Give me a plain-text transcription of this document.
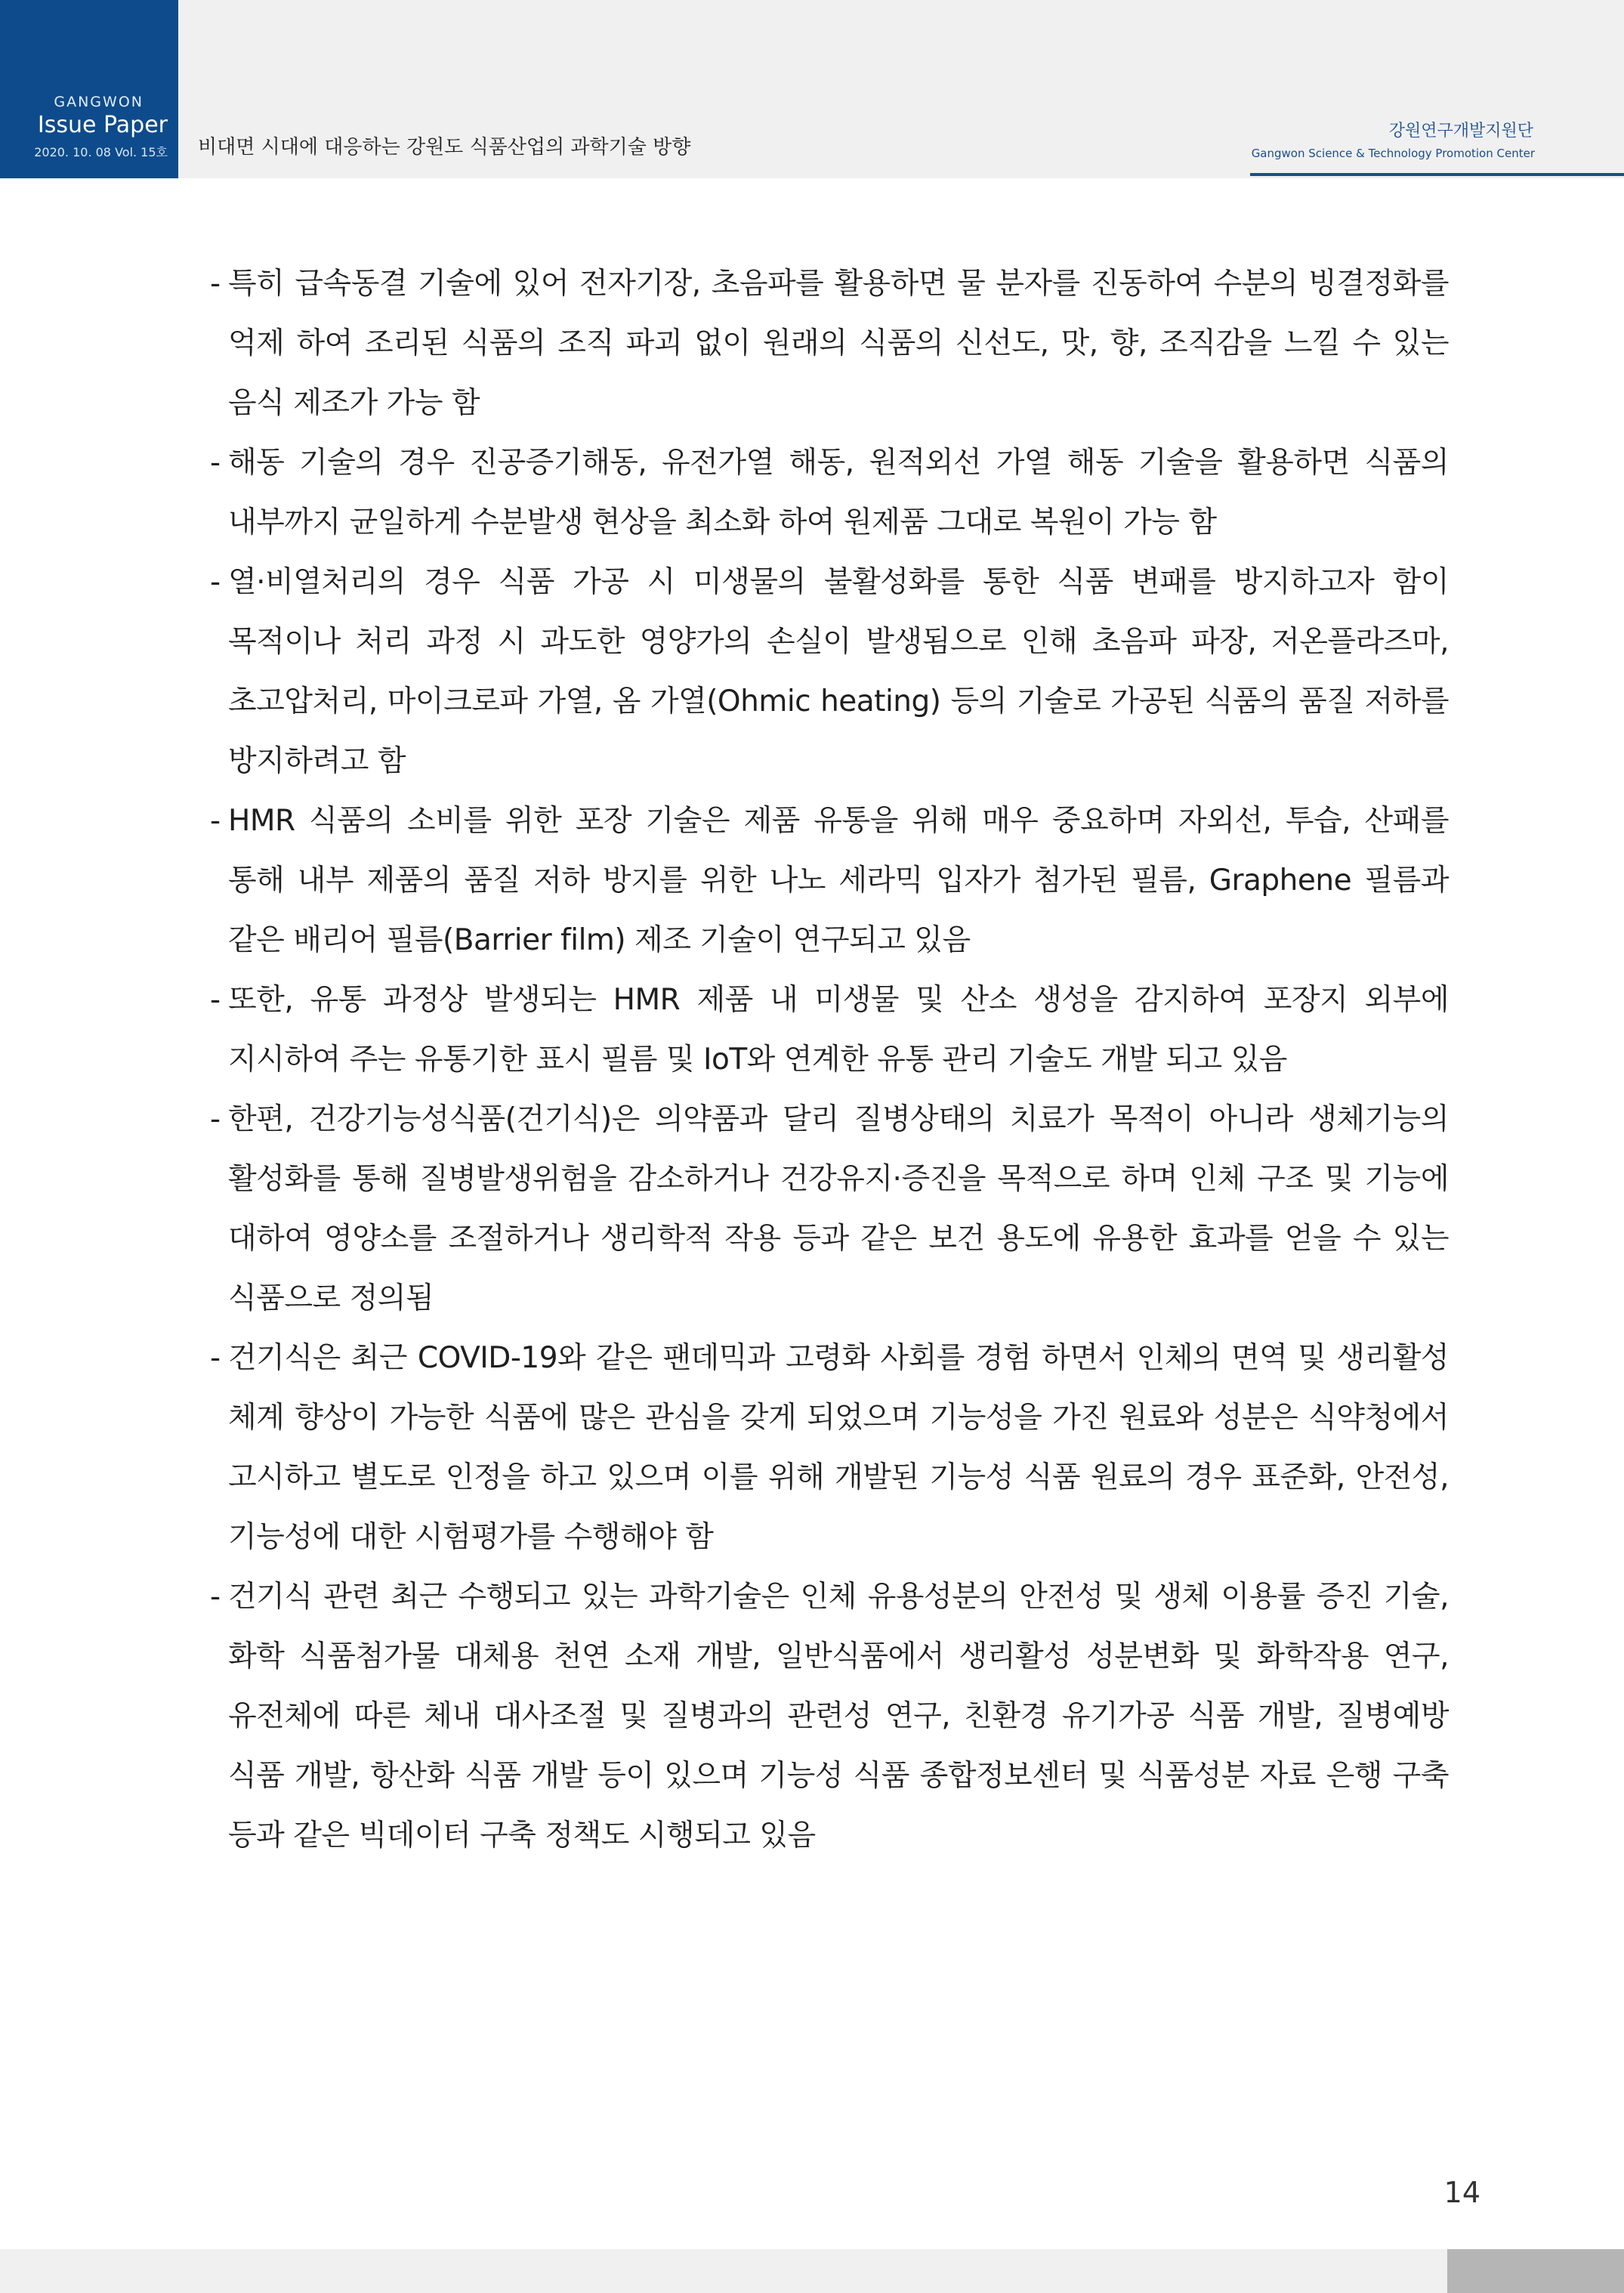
GANGWON
Issue Paper
2020. 10. 08 Vol. 15호 비대면 시대에 대응하는 강원도 식품산업의 과학기술 방향
강원연구개발지원단
Gangwon Science & Technology Promotion Center
- 특히 급속동결 기술에 있어 전자기장, 초음파를 활용하면 물 분자를 진동하여 수분의 빙결정화를 억제 하여 조리된 식품의 조직 파괴 없이 원래의 식품의 신선도, 맛, 향, 조직감을 느낄 수 있는 음식 제조가 가능 함
- 해동 기술의 경우 진공증기해동, 유전가열 해동, 원적외선 가열 해동 기술을 활용하면 식품의 내부까지 균일하게 수분발생 현상을 최소화 하여 원제품 그대로 복원이 가능 함
- 열·비열처리의 경우 식품 가공 시 미생물의 불활성화를 통한 식품 변패를 방지하고자 함이 목적이나 처리 과정 시 과도한 영양가의 손실이 발생됨으로 인해 초음파 파장, 저온플라즈마, 초고압처리, 마이크로파 가열, 옴 가열(Ohmic heating) 등의 기술로 가공된 식품의 품질 저하를 방지하려고 함
- HMR 식품의 소비를 위한 포장 기술은 제품 유통을 위해 매우 중요하며 자외선, 투습, 산패를 통해 내부 제품의 품질 저하 방지를 위한 나노 세라믹 입자가 첨가된 필름, Graphene 필름과 같은 배리어 필름(Barrier film) 제조 기술이 연구되고 있음
- 또한, 유통 과정상 발생되는 HMR 제품 내 미생물 및 산소 생성을 감지하여 포장지 외부에 지시하여 주는 유통기한 표시 필름 및 IoT와 연계한 유통 관리 기술도 개발 되고 있음
- 한편, 건강기능성식품(건기식)은 의약품과 달리 질병상태의 치료가 목적이 아니라 생체기능의 활성화를 통해 질병발생위험을 감소하거나 건강유지·증진을 목적으로 하며 인체 구조 및 기능에 대하여 영양소를 조절하거나 생리학적 작용 등과 같은 보건 용도에 유용한 효과를 얻을 수 있는 식품으로 정의됨
- 건기식은 최근 COVID-19와 같은 팬데믹과 고령화 사회를 경험 하면서 인체의 면역 및 생리활성 체계 향상이 가능한 식품에 많은 관심을 갖게 되었으며 기능성을 가진 원료와 성분은 식약청에서 고시하고 별도로 인정을 하고 있으며 이를 위해 개발된 기능성 식품 원료의 경우 표준화, 안전성, 기능성에 대한 시험평가를 수행해야 함
- 건기식 관련 최근 수행되고 있는 과학기술은 인체 유용성분의 안전성 및 생체 이용률 증진 기술, 화학 식품첨가물 대체용 천연 소재 개발, 일반식품에서 생리활성 성분변화 및 화학작용 연구, 유전체에 따른 체내 대사조절 및 질병과의 관련성 연구, 친환경 유기가공 식품 개발, 질병예방 식품 개발, 항산화 식품 개발 등이 있으며 기능성 식품 종합정보센터 및 식품성분 자료 은행 구축 등과 같은 빅데이터 구축 정책도 시행되고 있음
14
